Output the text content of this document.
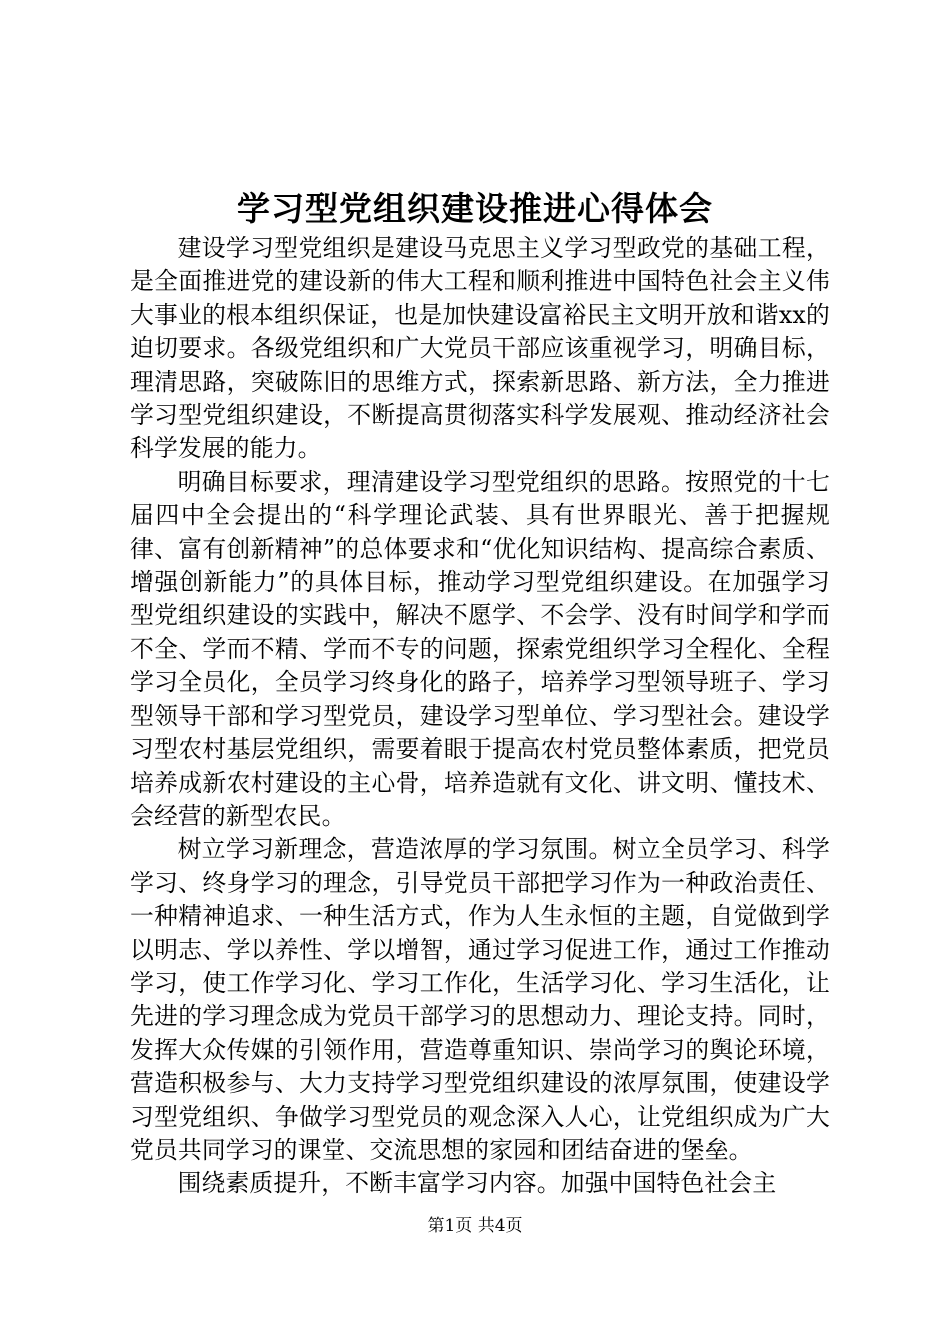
学习型党组织建设推进心得体会

建设学习型党组织是建设马克思主义学习型政党的基础工程，是全面推进党的建设新的伟大工程和顺利推进中国特色社会主义伟大事业的根本组织保证，也是加快建设富裕民主文明开放和谐xx的迫切要求。各级党组织和广大党员干部应该重视学习，明确目标，理清思路，突破陈旧的思维方式，探索新思路、新方法，全力推进学习型党组织建设，不断提高贯彻落实科学发展观、推动经济社会科学发展的能力。

明确目标要求，理清建设学习型党组织的思路。按照党的十七届四中全会提出的“科学理论武装、具有世界眼光、善于把握规律、富有创新精神”的总体要求和“优化知识结构、提高综合素质、增强创新能力”的具体目标，推动学习型党组织建设。在加强学习型党组织建设的实践中，解决不愿学、不会学、没有时间学和学而不全、学而不精、学而不专的问题，探索党组织学习全程化、全程学习全员化，全员学习终身化的路子，培养学习型领导班子、学习型领导干部和学习型党员，建设学习型单位、学习型社会。建设学习型农村基层党组织，需要着眼于提高农村党员整体素质，把党员培养成新农村建设的主心骨，培养造就有文化、讲文明、懂技术、会经营的新型农民。

树立学习新理念，营造浓厚的学习氛围。树立全员学习、科学学习、终身学习的理念，引导党员干部把学习作为一种政治责任、一种精神追求、一种生活方式，作为人生永恒的主题，自觉做到学以明志、学以养性、学以增智，通过学习促进工作，通过工作推动学习，使工作学习化、学习工作化，生活学习化、学习生活化，让先进的学习理念成为党员干部学习的思想动力、理论支持。同时，发挥大众传媒的引领作用，营造尊重知识、崇尚学习的舆论环境，营造积极参与、大力支持学习型党组织建设的浓厚氛围，使建设学习型党组织、争做学习型党员的观念深入人心，让党组织成为广大党员共同学习的课堂、交流思想的家园和团结奋进的堡垒。

围绕素质提升，不断丰富学习内容。加强中国特色社会主

第1页 共4页
